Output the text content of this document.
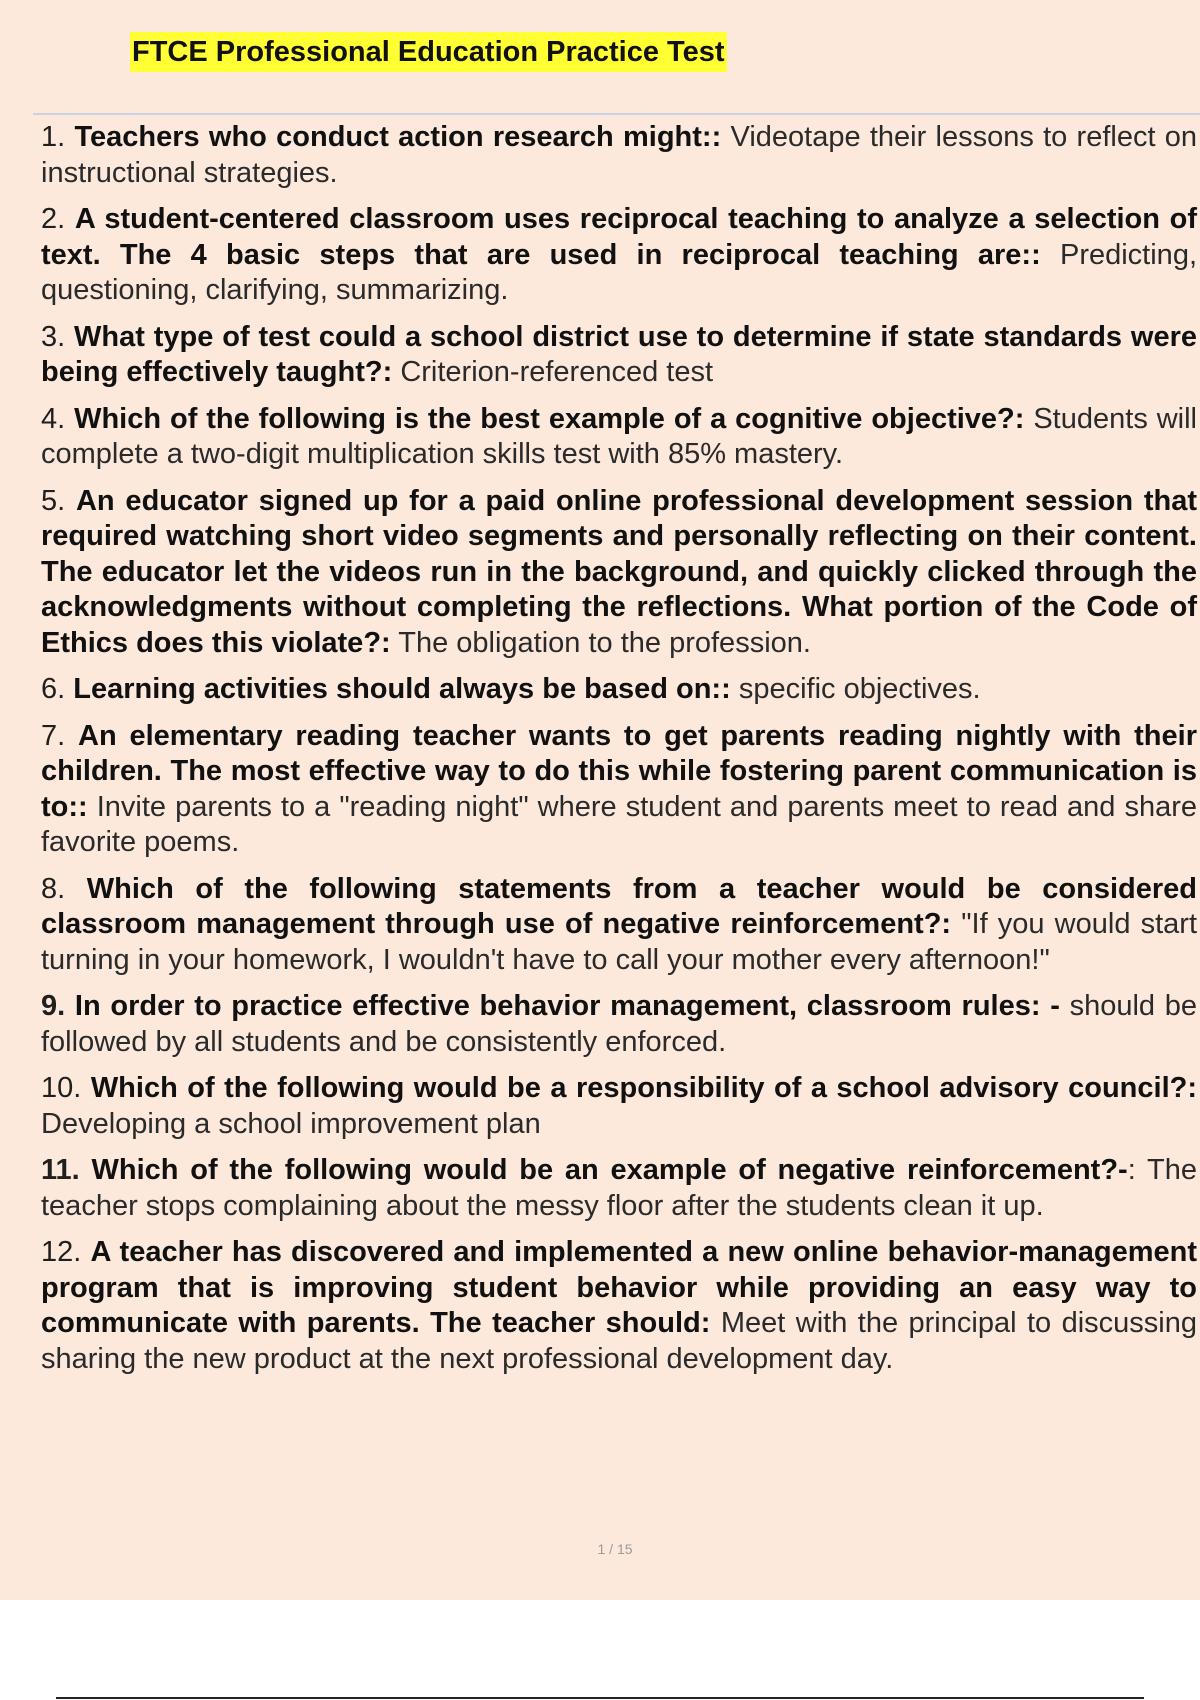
FTCE Professional Education Practice Test
1. Teachers who conduct action research might:: Videotape their lessons to reflect on instructional strategies.
2. A student-centered classroom uses reciprocal teaching to analyze a selection of text. The 4 basic steps that are used in reciprocal teaching are:: Predicting, questioning, clarifying, summarizing.
3. What type of test could a school district use to determine if state standards were being effectively taught?: Criterion-referenced test
4. Which of the following is the best example of a cognitive objective?: Students will complete a two-digit multiplication skills test with 85% mastery.
5. An educator signed up for a paid online professional development session that required watching short video segments and personally reflecting on their content. The educator let the videos run in the background, and quickly clicked through the acknowledgments without completing the reflections. What portion of the Code of Ethics does this violate?: The obligation to the profession.
6. Learning activities should always be based on:: specific objectives.
7. An elementary reading teacher wants to get parents reading nightly with their children. The most effective way to do this while fostering parent communication is to:: Invite parents to a "reading night" where student and parents meet to read and share favorite poems.
8. Which of the following statements from a teacher would be considered classroom management through use of negative reinforcement?: "If you would start turning in your homework, I wouldn't have to call your mother every afternoon!"
9. In order to practice effective behavior management, classroom rules: - should be followed by all students and be consistently enforced.
10. Which of the following would be a responsibility of a school advisory council?: Developing a school improvement plan
11. Which of the following would be an example of negative reinforcement?-: The teacher stops complaining about the messy floor after the students clean it up.
12. A teacher has discovered and implemented a new online behavior-management program that is improving student behavior while providing an easy way to communicate with parents. The teacher should: Meet with the principal to discussing sharing the new product at the next professional development day.
1 / 15
